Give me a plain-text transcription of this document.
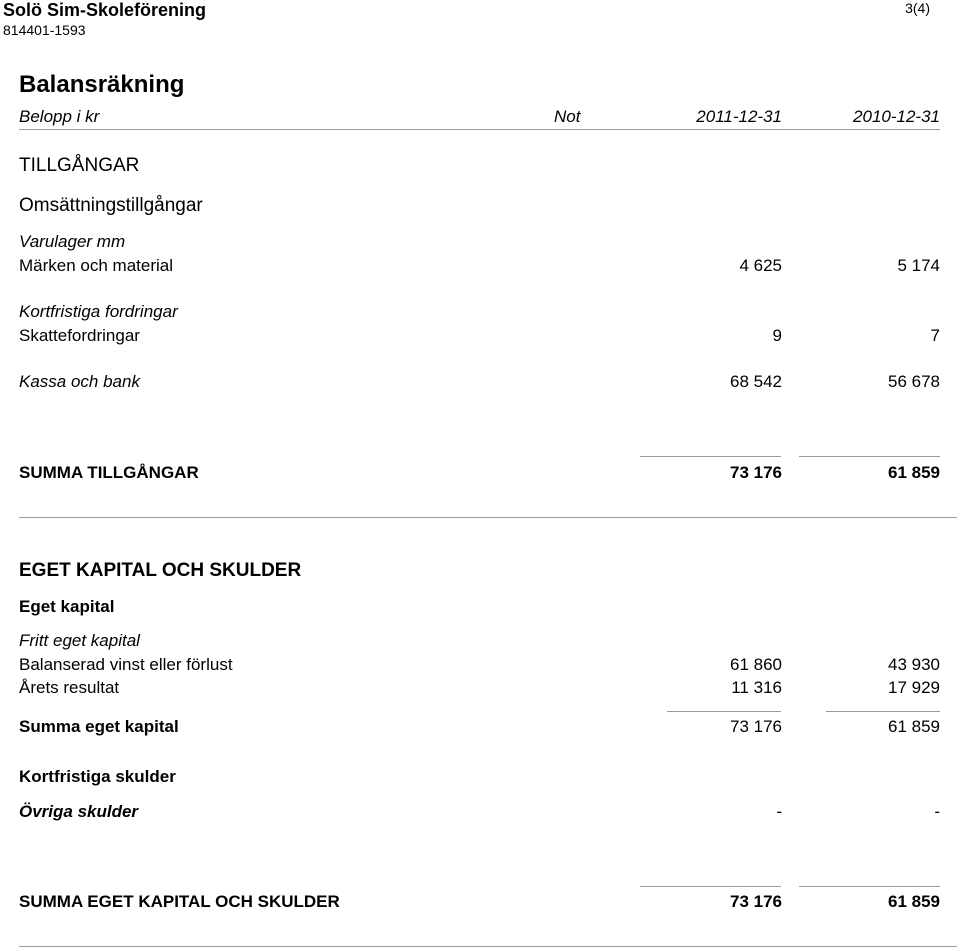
Solö Sim-Skoleförening
814401-1593
3(4)
Balansräkning
Belopp i kr	Not	2011-12-31	2010-12-31
TILLGÅNGAR
Omsättningstillgångar
Varulager mm
Märken och material	4 625	5 174
Kortfristiga fordringar
Skattefordringar	9	7
Kassa och bank	68 542	56 678
SUMMA TILLGÅNGAR	73 176	61 859
EGET KAPITAL OCH SKULDER
Eget kapital
Fritt eget kapital
Balanserad vinst eller förlust	61 860	43 930
Årets resultat	11 316	17 929
Summa eget kapital	73 176	61 859
Kortfristiga skulder
Övriga skulder	-	-
SUMMA EGET KAPITAL OCH SKULDER	73 176	61 859
